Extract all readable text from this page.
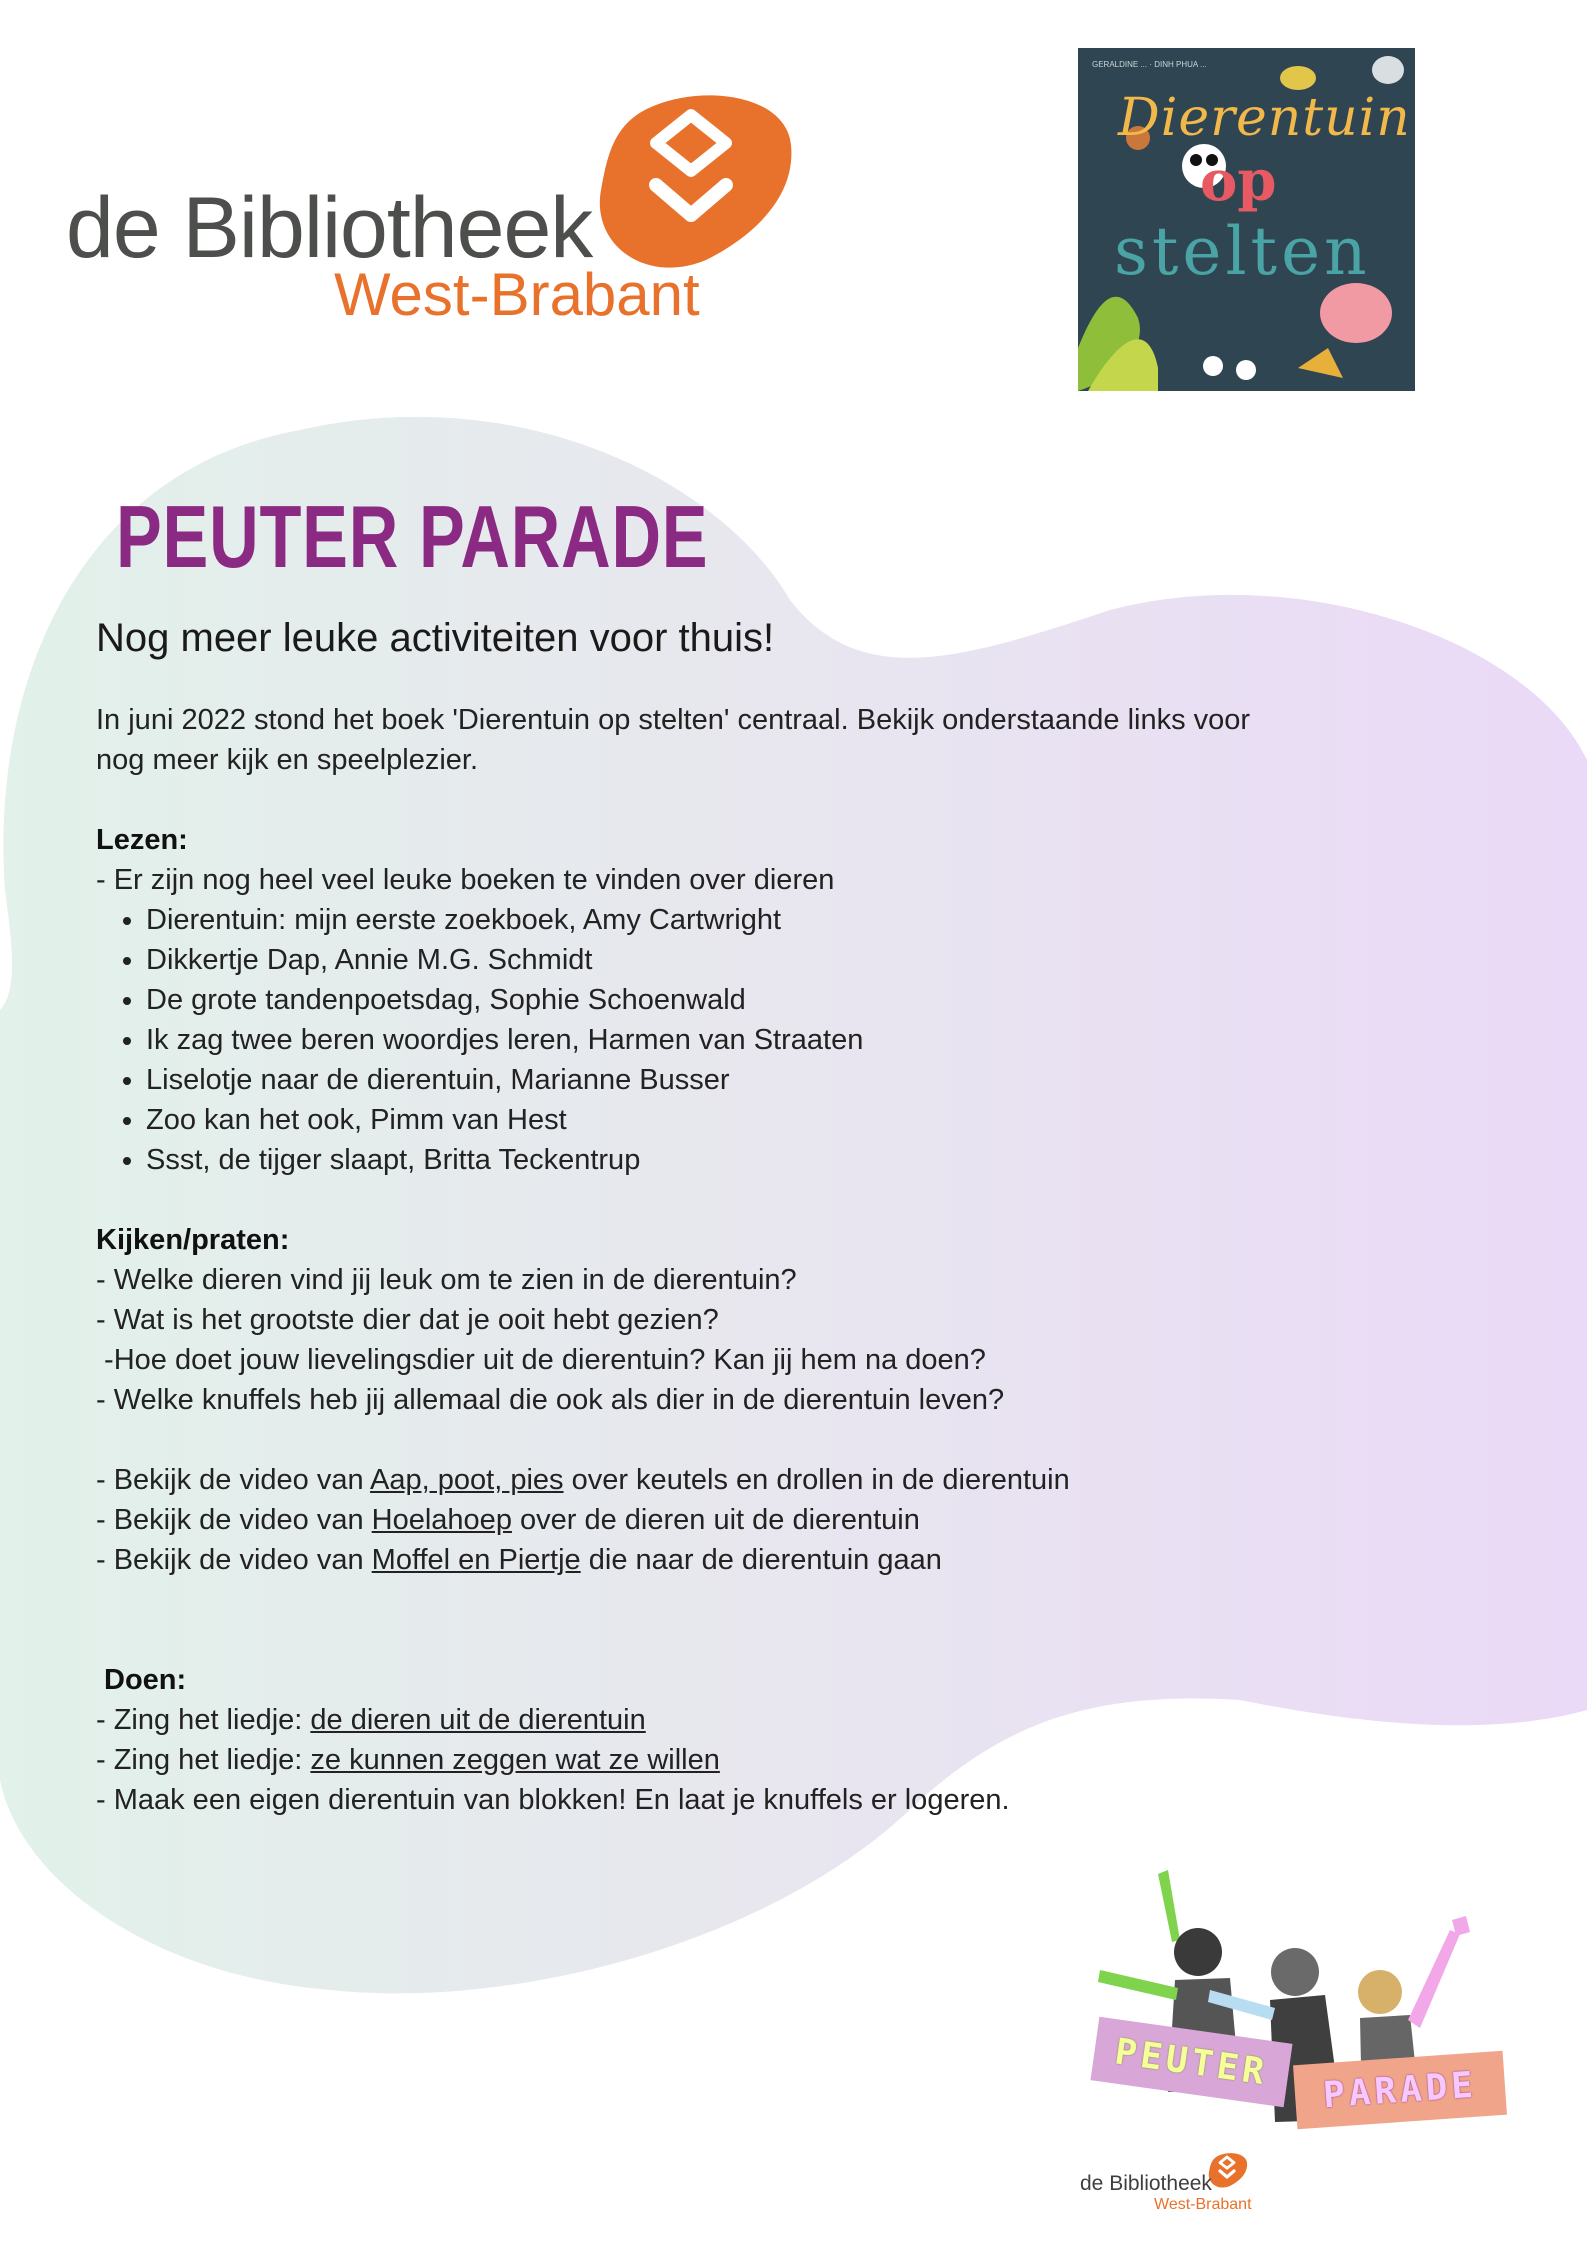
de Bibliotheek
West-Brabant
GERALDINE ... · DINH PHUA ...
Dierentuin
op
stelten
PEUTER PARADE
Nog meer leuke activiteiten voor thuis!

In juni 2022 stond het boek 'Dierentuin op stelten' centraal. Bekijk onderstaande links voor nog meer kijk en speelplezier.

Lezen:

- Er zijn nog heel veel leuke boeken te vinden over dieren

• Dierentuin: mijn eerste zoekboek, Amy Cartwright
• Dikkertje Dap, Annie M.G. Schmidt
• De grote tandenpoetsdag, Sophie Schoenwald
• Ik zag twee beren woordjes leren, Harmen van Straaten
• Liselotje naar de dierentuin, Marianne Busser
• Zoo kan het ook, Pimm van Hest
• Ssst, de tijger slaapt, Britta Teckentrup
Kijken/praten:

- Welke dieren vind jij leuk om te zien in de dierentuin?

- Wat is het grootste dier dat je ooit hebt gezien?

-Hoe doet jouw lievelingsdier uit de dierentuin? Kan jij hem na doen?

- Welke knuffels heb jij allemaal die ook als dier in de dierentuin leven?

- Bekijk de video van Aap, poot, pies over keutels en drollen in de dierentuin

- Bekijk de video van Hoelahoep over de dieren uit de dierentuin

- Bekijk de video van Moffel en Piertje die naar de dierentuin gaan

Doen:

- Zing het liedje: de dieren uit de dierentuin

- Zing het liedje: ze kunnen zeggen wat ze willen

- Maak een eigen dierentuin van blokken! En laat je knuffels er logeren.

PEUTER	PARADE
de Bibliotheek
West-Brabant
